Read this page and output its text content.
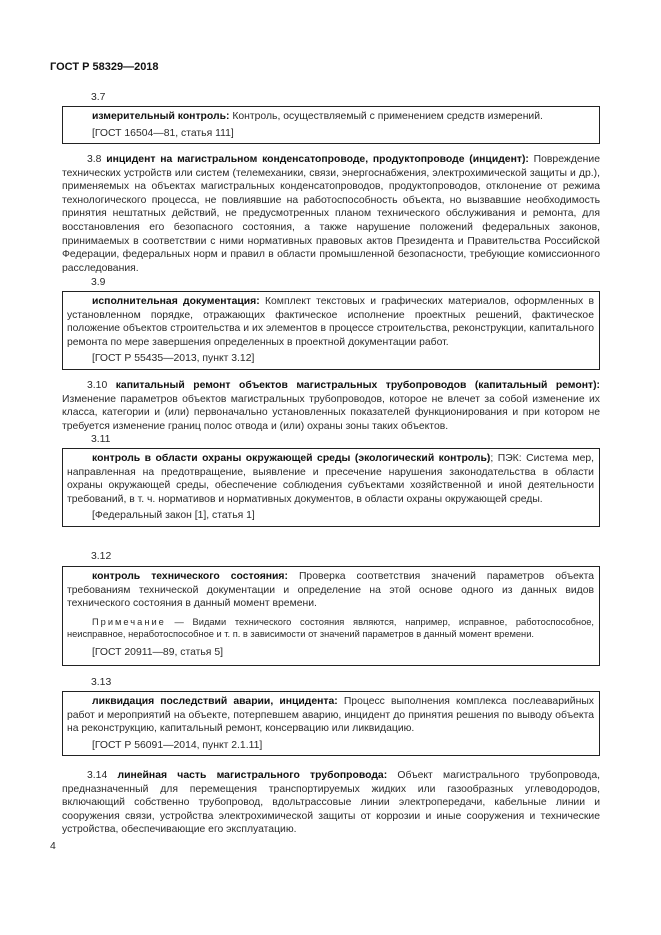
ГОСТ Р 58329—2018
3.7

измерительный контроль: Контроль, осуществляемый с применением средств измерений.

[ГОСТ 16504—81, статья 111]

3.8 инцидент на магистральном конденсатопроводе, продуктопроводе (инцидент): Повреждение технических устройств или систем (телемеханики, связи, энергоснабжения, электрохимической защиты и др.), применяемых на объектах магистральных конденсатопроводов, продуктопроводов, отклонение от режима технологического процесса, не повлиявшие на работоспособность объекта, но вызвавшие необходимость принятия нештатных действий, не предусмотренных планом технического обслуживания и ремонта, для восстановления его безопасного состояния, а также нарушение положений федеральных законов, принимаемых в соответствии с ними нормативных правовых актов Президента и Правительства Российской Федерации, федеральных норм и правил в области промышленной безопасности, требующие комиссионного расследования.

3.9

исполнительная документация: Комплект текстовых и графических материалов, оформленных в установленном порядке, отражающих фактическое исполнение проектных решений, фактическое положение объектов строительства и их элементов в процессе строительства, реконструкции, капитального ремонта по мере завершения определенных в проектной документации работ.

[ГОСТ Р 55435—2013, пункт 3.12]

3.10 капитальный ремонт объектов магистральных трубопроводов (капитальный ремонт): Изменение параметров объектов магистральных трубопроводов, которое не влечет за собой изменение их класса, категории и (или) первоначально установленных показателей функционирования и при котором не требуется изменение границ полос отвода и (или) охраны зоны таких объектов.

3.11

контроль в области охраны окружающей среды (экологический контроль); ПЭК: Система мер, направленная на предотвращение, выявление и пресечение нарушения законодательства в области охраны окружающей среды, обеспечение соблюдения субъектами хозяйственной и иной деятельности требований, в т. ч. нормативов и нормативных документов, в области охраны окружающей среды.

[Федеральный закон [1], статья 1]

3.12

контроль технического состояния: Проверка соответствия значений параметров объекта требованиям технической документации и определение на этой основе одного из данных видов технического состояния в данный момент времени.

Примечание — Видами технического состояния являются, например, исправное, работоспособное, неисправное, неработоспособное и т. п. в зависимости от значений параметров в данный момент времени.

[ГОСТ 20911—89, статья 5]

3.13

ликвидация последствий аварии, инцидента: Процесс выполнения комплекса послеаварийных работ и мероприятий на объекте, потерпевшем аварию, инцидент до принятия решения по выводу объекта на реконструкцию, капитальный ремонт, консервацию или ликвидацию.

[ГОСТ Р 56091—2014, пункт 2.1.11]

3.14 линейная часть магистрального трубопровода: Объект магистрального трубопровода, предназначенный для перемещения транспортируемых жидких или газообразных углеводородов, включающий собственно трубопровод, вдольтрассовые линии электропередачи, кабельные линии и сооружения связи, устройства электрохимической защиты от коррозии и иные сооружения и технические устройства, обеспечивающие его эксплуатацию.

4
